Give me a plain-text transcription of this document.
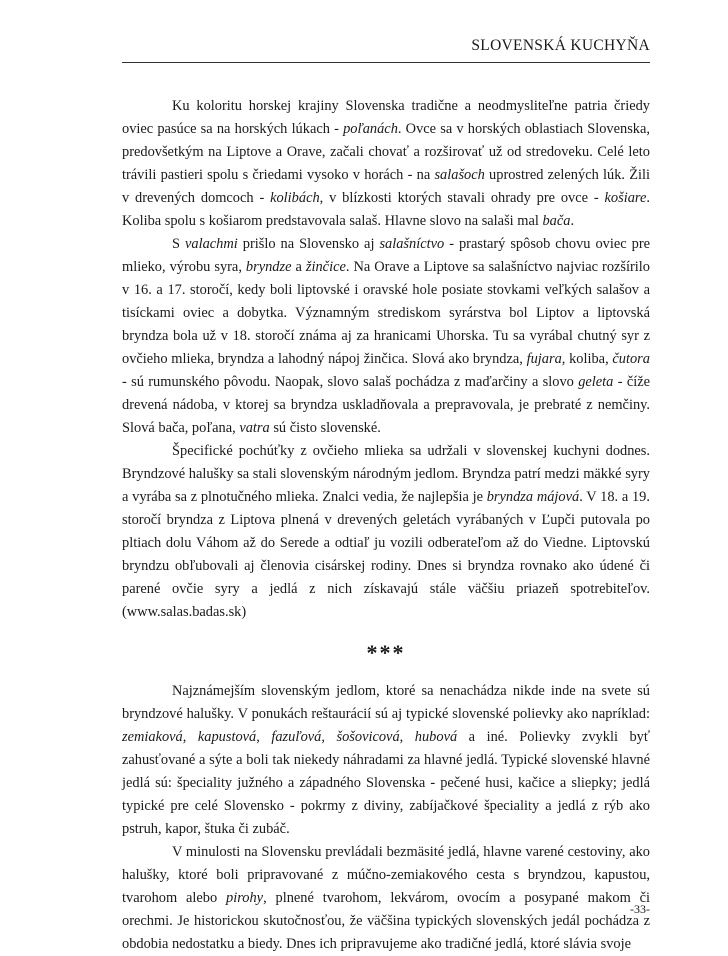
SLOVENSKÁ KUCHYŇA

Ku koloritu horskej krajiny Slovenska tradične a neodmysliteľne patria čriedy oviec pasúce sa na horských lúkach - poľanách. Ovce sa v horských oblastiach Slovenska, predovšetkým na Liptove a Orave, začali chovať a rozširovať už od stredoveku. Celé leto trávili pastieri spolu s čriedami vysoko v horách - na salašoch uprostred zelených lúk. Žili v drevených domcoch - kolibách, v blízkosti ktorých stavali ohrady pre ovce - košiare. Koliba spolu s košiarom predstavovala salaš. Hlavne slovo na salaši mal bača.

S valachmi prišlo na Slovensko aj salašníctvo - prastarý spôsob chovu oviec pre mlieko, výrobu syra, bryndze a žinčice. Na Orave a Liptove sa salašníctvo najviac rozšírilo v 16. a 17. storočí, kedy boli liptovské i oravské hole posiate stovkami veľkých salašov a tisíckami oviec a dobytka. Významným strediskom syrárstva bol Liptov a liptovská bryndza bola už v 18. storočí známa aj za hranicami Uhorska. Tu sa vyrábal chutný syr z ovčieho mlieka, bryndza a lahodný nápoj žinčica. Slová ako bryndza, fujara, koliba, čutora - sú rumunského pôvodu. Naopak, slovo salaš pochádza z maďarčiny a slovo geleta - číže drevená nádoba, v ktorej sa bryndza uskladňovala a prepravovala, je prebraté z nemčiny. Slová bača, poľana, vatra sú čisto slovenské.

Špecifické pochúťky z ovčieho mlieka sa udržali v slovenskej kuchyni dodnes. Bryndzové halušky sa stali slovenským národným jedlom. Bryndza patrí medzi mäkké syry a vyrába sa z plnotučného mlieka. Znalci vedia, že najlepšia je bryndza májová. V 18. a 19. storočí bryndza z Liptova plnená v drevených geletách vyrábaných v Ľupči putovala po pltiach dolu Váhom až do Serede a odtiaľ ju vozili odberateľom až do Viedne. Liptovskú bryndzu obľubovali aj členovia cisárskej rodiny. Dnes si bryndza rovnako ako údené či parené ovčie syry a jedlá z nich získavajú stále väčšiu priazeň spotrebiteľov. (www.salas.badas.sk)

***

Najznámejším slovenským jedlom, ktoré sa nenachádza nikde inde na svete sú bryndzové halušky. V ponukách reštaurácií sú aj typické slovenské polievky ako napríklad: zemiaková, kapustová, fazuľová, šošovicová, hubová a iné. Polievky zvykli byť zahusťované a sýte a boli tak niekedy náhradami za hlavné jedlá. Typické slovenské hlavné jedlá sú: špeciality južného a západného Slovenska - pečené husi, kačice a sliepky; jedlá typické pre celé Slovensko - pokrmy z diviny, zabíjačkové špeciality a jedlá z rýb ako pstruh, kapor, štuka či zubáč.

V minulosti na Slovensku prevládali bezmäsité jedlá, hlavne varené cestoviny, ako halušky, ktoré boli pripravované z múčno-zemiakového cesta s bryndzou, kapustou, tvarohom alebo pirohy, plnené tvarohom, lekvárom, ovocím a posypané makom či orechmi. Je historickou skutočnosťou, že väčšina typických slovenských jedál pochádza z obdobia nedostatku a biedy. Dnes ich pripravujeme ako tradičné jedlá, ktoré slávia svoje

-33-
